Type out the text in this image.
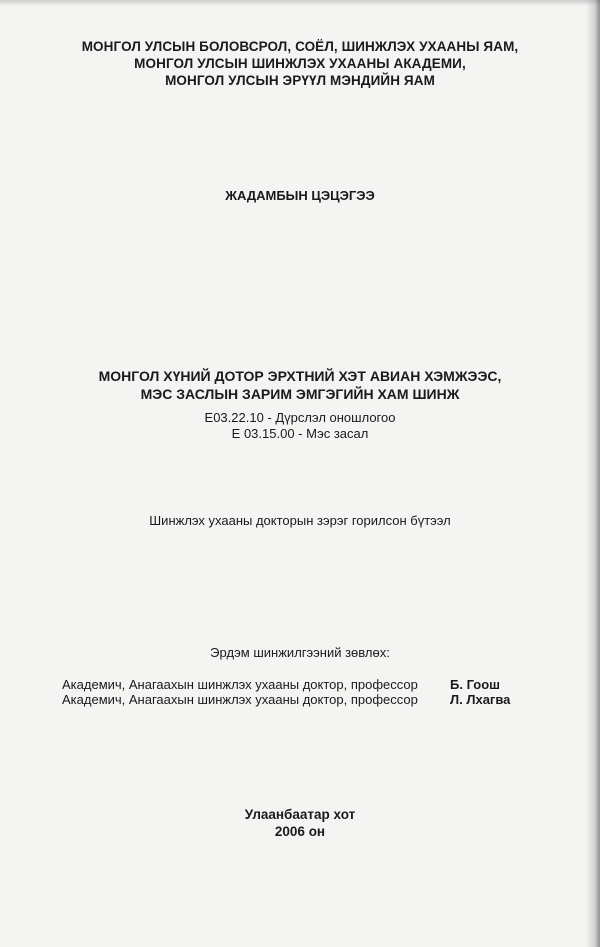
МОНГОЛ УЛСЫН БОЛОВСРОЛ, СОЁЛ, ШИНЖЛЭХ УХААНЫ ЯАМ,
МОНГОЛ УЛСЫН ШИНЖЛЭХ УХААНЫ АКАДЕМИ,
МОНГОЛ УЛСЫН ЭРҮҮЛ МЭНДИЙН ЯАМ
ЖАДАМБЫН ЦЭЦЭГЭЭ
МОНГОЛ ХҮНИЙ ДОТОР ЭРХТНИЙ ХЭТ АВИАН ХЭМЖЭЭС,
МЭС ЗАСЛЫН ЗАРИМ ЭМГЭГИЙН ХАМ ШИНЖ
Е03.22.10 - Дүрслэл оношлогоо
Е 03.15.00 - Мэс засал
Шинжлэх ухааны докторын зэрэг горилсон бүтээл
Эрдэм шинжилгээний зөвлөх:
Академич, Анагаахын шинжлэх ухааны доктор, профессор Б. Гоош
Академич, Анагаахын шинжлэх ухааны доктор, профессор Л. Лхагва
Улаанбаатар хот
2006 он
